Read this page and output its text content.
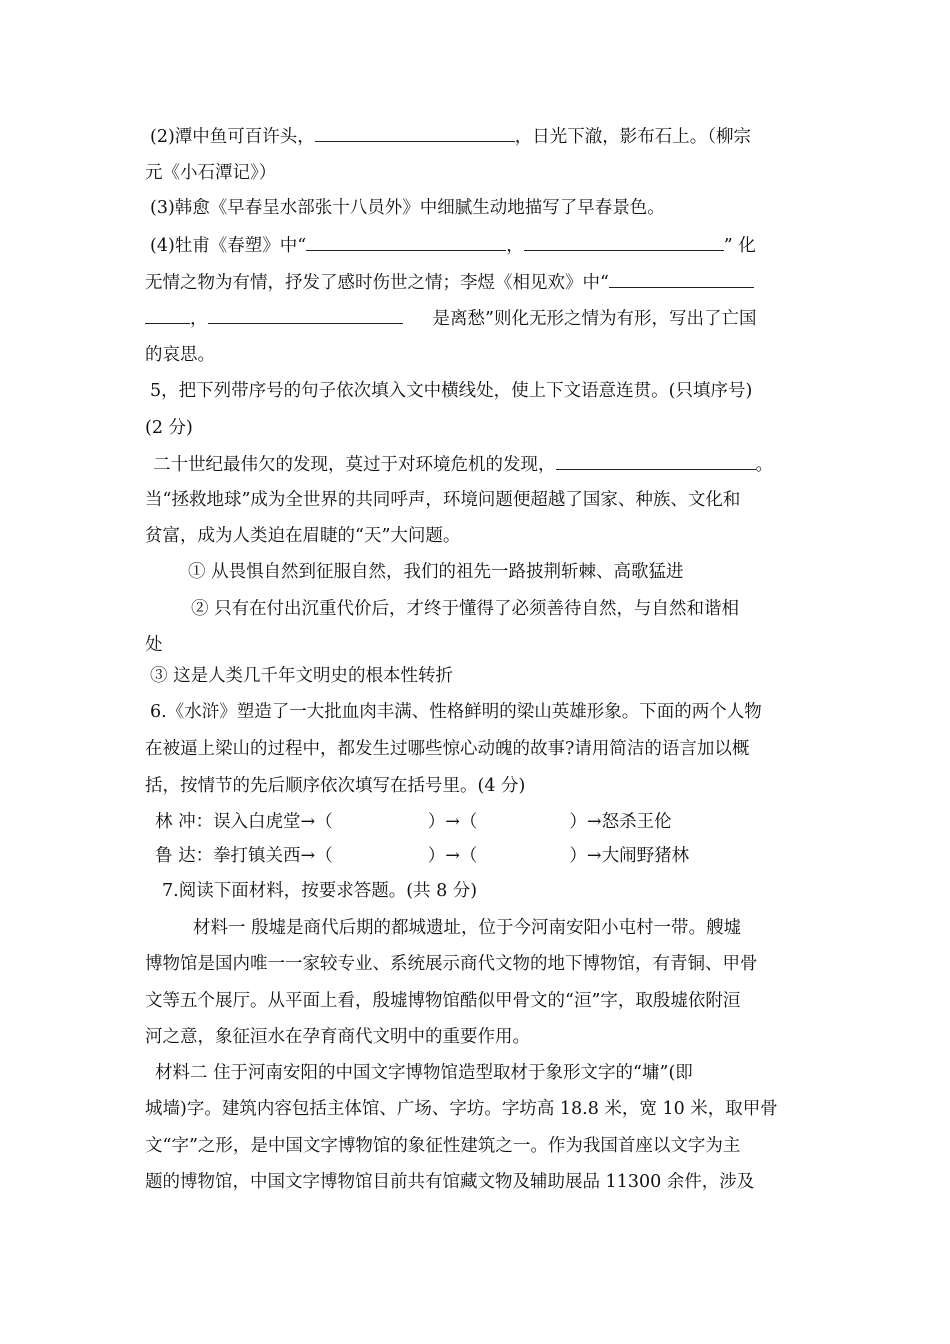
(2)潭中鱼可百许头，	，日光下澈，影布石上。（柳宗
元《小石潭记》）
(3)韩愈《早春呈水部张十八员外》中细腻生动地描写了早春景色。
(4)牡甫《春塑》中“	，	” 化
无情之物为有情，抒发了感时伤世之情；李煜《相见欢》中“
，	是离愁”则化无形之情为有形，写出了亡国
的哀思。
5，把下列带序号的句子依次填入文中横线处，使上下文语意连贯。(只填序号)
(2 分)
二十世纪最伟欠的发现，莫过于对环境危机的发现，	。
当“拯救地球”成为全世界的共同呼声，环境问题便超越了国家、种族、文化和
贫富，成为人类迫在眉睫的“天”大问题。
① 从畏惧自然到征服自然，我们的祖先一路披荆斩棘、高歌猛进
② 只有在付出沉重代价后，才终于懂得了必须善待自然，与自然和谐相
处
③ 这是人类几千年文明史的根本性转折
6.《水浒》塑造了一大批血肉丰满、性格鲜明的梁山英雄形象。下面的两个人物
在被逼上梁山的过程中，都发生过哪些惊心动魄的故事?请用简洁的语言加以概
括，按情节的先后顺序依次填写在括号里。(4 分)
林 冲：误入白虎堂→（	）→（	）→怒杀王伦
鲁 达：拳打镇关西→（	）→（	）→大闹野猪林
7.阅读下面材料，按要求答题。(共 8 分)
材料一 殷墟是商代后期的都城遗址，位于今河南安阳小屯村一带。艘墟
博物馆是国内唯一一家较专业、系统展示商代文物的地下博物馆，有青铜、甲骨
文等五个展厅。从平面上看，殷墟博物馆酷似甲骨文的“洹”字，取殷墟依附洹
河之意，象征洹水在孕育商代文明中的重要作用。
材料二 住于河南安阳的中国文字博物馆造型取材于象形文字的“墉”(即
城墙)字。建筑内容包括主体馆、广场、字坊。字坊高 18.8 米，宽 10 米，取甲骨
文“字”之形，是中国文字博物馆的象征性建筑之一。作为我国首座以文字为主
题的博物馆，中国文字博物馆目前共有馆藏文物及辅助展品 11300 余件，涉及
